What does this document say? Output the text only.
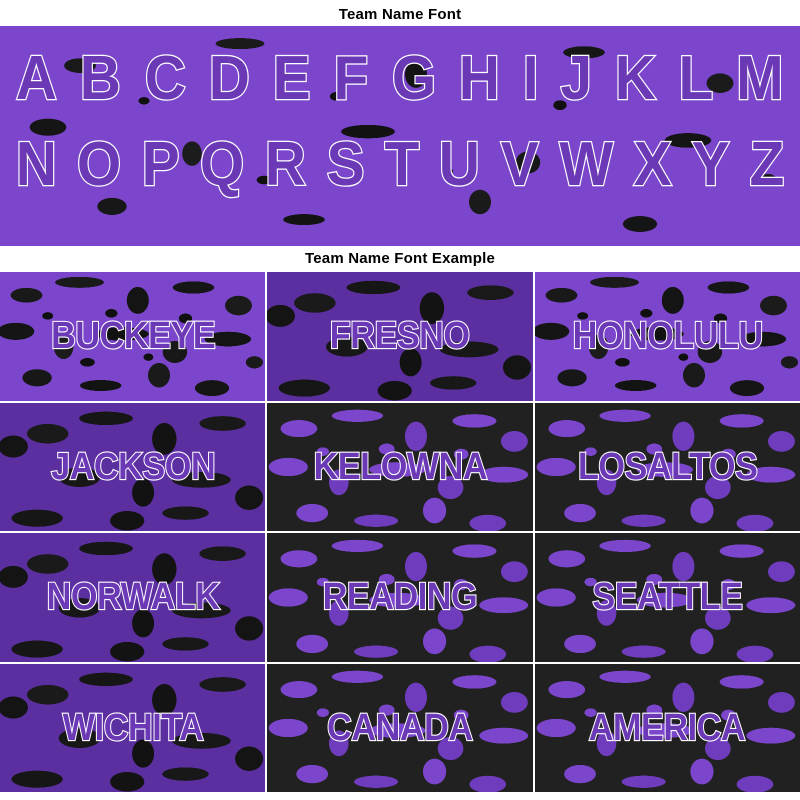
Team Name Font
A B C D E F G H I J K L M
N O P Q R S T U V W X Y Z
Team Name Font Example
BUCKEYE	FRESNO	HONOLULU
JACKSON	KELOWNA LOSALTOS
NORWALK	READING	SEATTLE
WICHITA	CANADA	AMERICA
